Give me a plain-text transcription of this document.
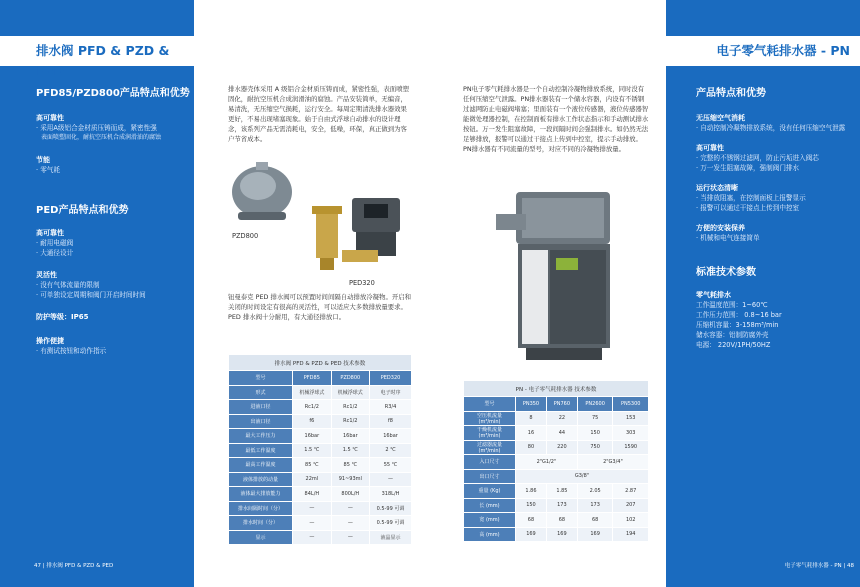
排水阀 PFD & PZD & PED
PFD85/PZD800产品特点和优势
高可靠性
· 采用A级铝合金材质压铸而成，紧密性强
表面喷塑固化，耐抗空压机合成润滑油的腐蚀
节能
· 零气耗
PED产品特点和优势
高可靠性
· 耐用电磁阀
· 大通径设计
灵活性
· 没有气体流量的限制
· 可单独设定周期和阀门开启时间时间
防护等级：IP65
操作便捷
· 有测试按钮和动作指示
47 | 排水阀 PFD & PZD & PED
排水器壳体采用 A 级铝合金材质压铸而成，紧密性强，表面喷塑固化，耐抗空压机合成润滑油的腐蚀。产品安装简单，无编音，易清洗，无压缩空气损耗，运行安全。每周定期清洗排水器效果更好，不易出现堵塞现象。始于自由式浮球自动排水的设计理念，该系列产品无需消耗电，安全，低噪，环保，真正做到为客户节省成本。
PZD800
PED320
钮曼泰克 PED 排水阀可以预置时间间隔自动排放冷凝物。开启和关闭的时间设定有很高的灵活性，可以适应大多数排放量要求。PED 排水阀十分耐用，有大通径排放口。
排水阀 PFD & PZD & PED 技术参数			
型号	PFD85	PZD800	PED320
形式	机械浮球式	机械浮球式	电子时序
进液口径	Rc1/2	Rc1/2	R3/4
出液口径	f6	Rc1/2	f8
最大工作压力	16bar	16bar	16bar
最低工作温度	1.5 ℃	1.5 ℃	2 ℃
最高工作温度	85 ℃	85 ℃	55 ℃
液体排放的动量	22ml	91~93ml	—
液体最大排放能力	84L/H	800L/H	318L/H
排水间隔时间（分）	—	—	0.5-99 可调
排水时间（分）	—	—	0.5-99 可调
显示	—	—	液晶显示
PN电子零气耗排水器是一个自动控制冷凝物排放系统，同时没有任何压缩空气泄露。PN排水器装有一个储水容器，内设有不锈钢过滤网防止电磁阀堵塞；里面装有一个液位传感器，液位传感器智能微处理器控制，在控制面板有排水工作状态指示和手动测试排水按钮。万一发生阻塞故障，一段间隔时间会强制排水。如仍然无法足够排放，报警可以通过干接点上传到中控室，提示手动排放。PN排水器有不同流量的型号，对应不同的冷凝物排放量。
PN - 电子零气耗排水器 技术参数				
型号	PN350	PN760	PN2600	PN5300
空压机流量 (m³/min)	8	22	75	153
干燥机流量 (m³/min)	16	44	150	303
过滤器流量 (m³/min)	80	220	750	1590
入口尺寸	2"G1/2"		2"G3/4"	
出口尺寸	G3/8"			
重量 (Kg)	1.86	1.85	2.05	2.87
长 (mm)	150	173	173	207
宽 (mm)	68	68	68	102
高 (mm)	169	169	169	194
电子零气耗排水器 - PN
产品特点和优势
无压缩空气消耗
· 自动控制冷凝物排放系统，没有任何压缩空气泄露
高可靠性
· 完整的不锈钢过滤网，防止污垢进入阀芯
· 万一发生阻塞故障，强制阀门排水
运行状态清晰
· 当排放阻塞，在控制面板上报警显示
· 报警可以通过干接点上传到中控室
方便的安装保养
· 机械和电气连接简单
标准技术参数
零气耗排水
工作温度范围：1~60℃
工作压力范围： 0.8~16 bar
压缩机容量：3-158m³/min
储水容器：铝制防腐外壳
电源： 220V/1PH/50HZ
电子零气耗排水器 - PN | 48
